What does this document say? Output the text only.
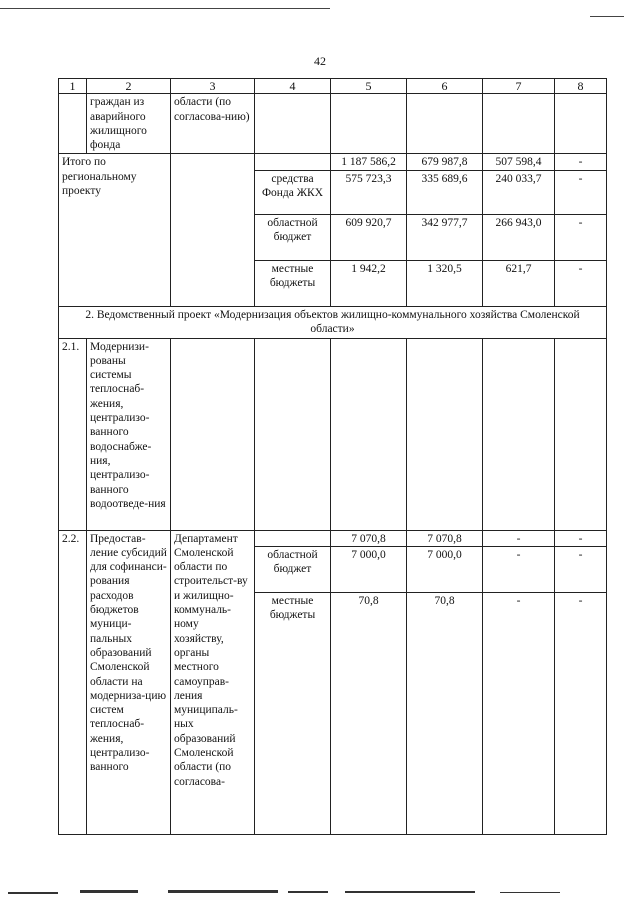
42
1	2	3	4	5	6	7	8
	граждан из аварийного жилищного фонда	области (по согласова-нию)					
Итого по региональному проекту				1 187 586,2	679 987,8	507 598,4	-
			средства Фонда ЖКХ	575 723,3	335 689,6	240 033,7	-
			областной бюджет	609 920,7	342 977,7	266 943,0	-
			местные бюджеты	1 942,2	1 320,5	621,7	-
2. Ведомственный проект «Модернизация объектов жилищно-коммунального хозяйства Смоленской области»							
2.1.	Модернизи-рованы системы теплоснаб-жения, централизо-ванного водоснабже-ния, централизо-ванного водоотведе-ния						
2.2.	Предостав-ление субсидий для софинанси-рования расходов бюджетов муници-пальных образований Смоленской области на модерниза-цию систем теплоснаб-жения, централизо-ванного	Департамент Смоленской области по строительст-ву и жилищно-коммуналь-ному хозяйству, органы местного самоуправ-ления муниципаль-ных образований Смоленской области (по согласова-		7 070,8	7 070,8	-	-
			областной бюджет	7 000,0	7 000,0	-	-
			местные бюджеты	70,8	70,8	-	-
